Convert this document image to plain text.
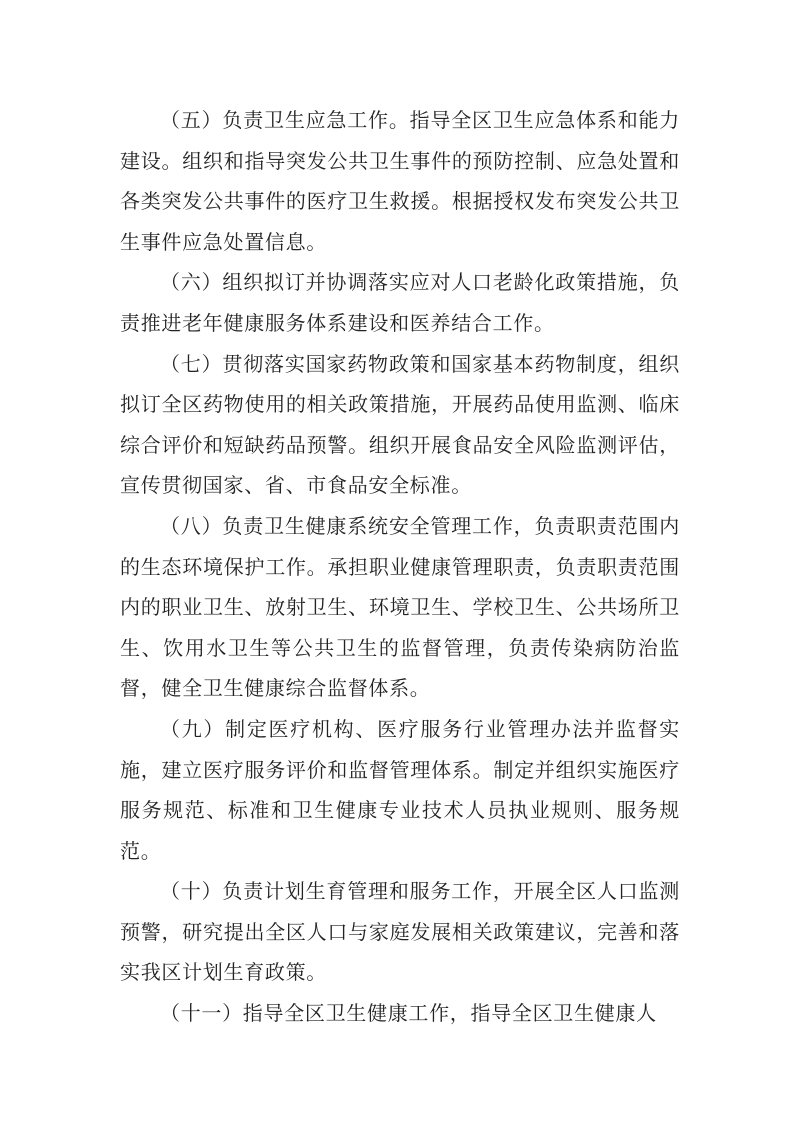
（五）负责卫生应急工作。指导全区卫生应急体系和能力建设。组织和指导突发公共卫生事件的预防控制、应急处置和各类突发公共事件的医疗卫生救援。根据授权发布突发公共卫生事件应急处置信息。

（六）组织拟订并协调落实应对人口老龄化政策措施，负责推进老年健康服务体系建设和医养结合工作。

（七）贯彻落实国家药物政策和国家基本药物制度，组织拟订全区药物使用的相关政策措施，开展药品使用监测、临床综合评价和短缺药品预警。组织开展食品安全风险监测评估，宣传贯彻国家、省、市食品安全标准。

（八）负责卫生健康系统安全管理工作，负责职责范围内的生态环境保护工作。承担职业健康管理职责，负责职责范围内的职业卫生、放射卫生、环境卫生、学校卫生、公共场所卫生、饮用水卫生等公共卫生的监督管理，负责传染病防治监督，健全卫生健康综合监督体系。

（九）制定医疗机构、医疗服务行业管理办法并监督实施，建立医疗服务评价和监督管理体系。制定并组织实施医疗服务规范、标准和卫生健康专业技术人员执业规则、服务规范。

（十）负责计划生育管理和服务工作，开展全区人口监测预警，研究提出全区人口与家庭发展相关政策建议，完善和落实我区计划生育政策。

（十一）指导全区卫生健康工作，指导全区卫生健康人
